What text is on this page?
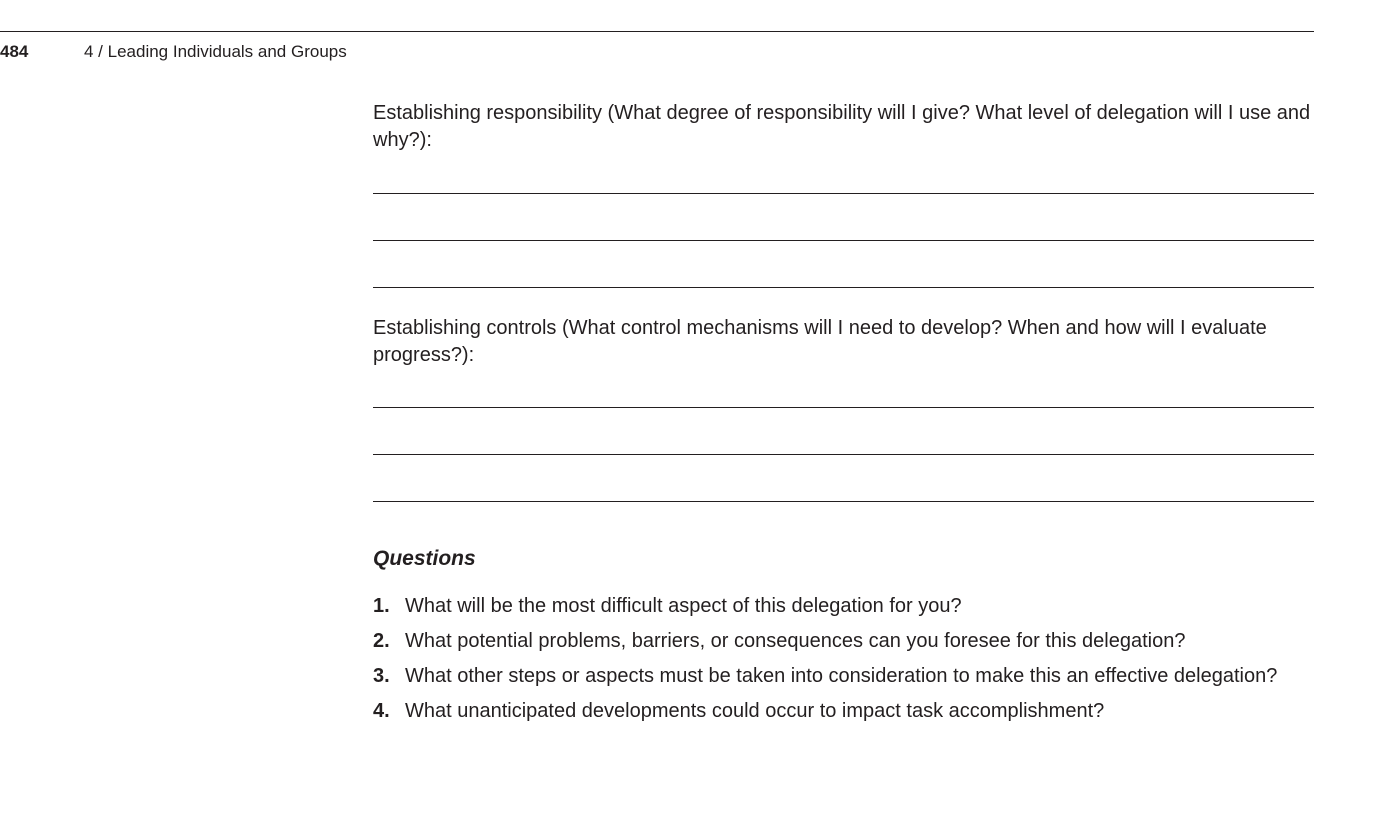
484	4 / Leading Individuals and Groups

Establishing responsibility (What degree of responsibility will I give? What level of delegation will I use and why?):

Establishing controls (What control mechanisms will I need to develop? When and how will I evaluate progress?):

Questions
1. What will be the most difficult aspect of this delegation for you?
2. What potential problems, barriers, or consequences can you foresee for this delegation?
3. What other steps or aspects must be taken into consideration to make this an effective delegation?
4. What unanticipated developments could occur to impact task accomplishment?
